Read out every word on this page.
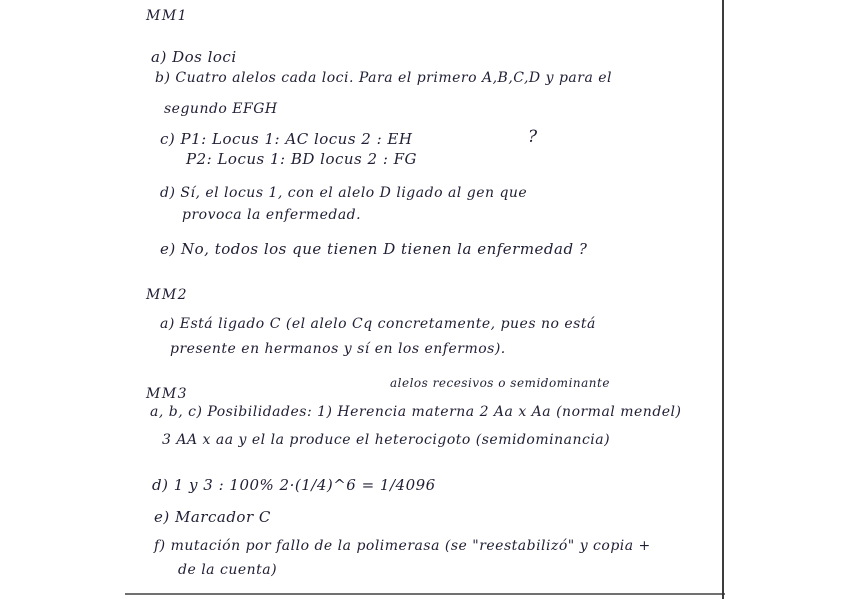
MM1
a) Dos loci
b) Cuatro alelos cada loci. Para el primero A,B,C,D y para el
segundo EFGH
c) P1: Locus 1: AC locus 2 : EH	?
P2: Locus 1: BD locus 2 : FG
d) Sí, el locus 1, con el alelo D ligado al gen que
provoca la enfermedad.
e) No, todos los que tienen D tienen la enfermedad ?
MM2
a) Está ligado C (el alelo Cq concretamente, pues no está
presente en hermanos y sí en los enfermos).
MM3
alelos recesivos o semidominante
a, b, c) Posibilidades: 1) Herencia materna 2 Aa x Aa (normal mendel)
3 AA x aa y el la produce el heterocigoto (semidominancia)
d) 1 y 3 : 100% 2·(1/4)^6 = 1/4096
e) Marcador C
f) mutación por fallo de la polimerasa (se "reestabilizó" y copia +
de la cuenta)
